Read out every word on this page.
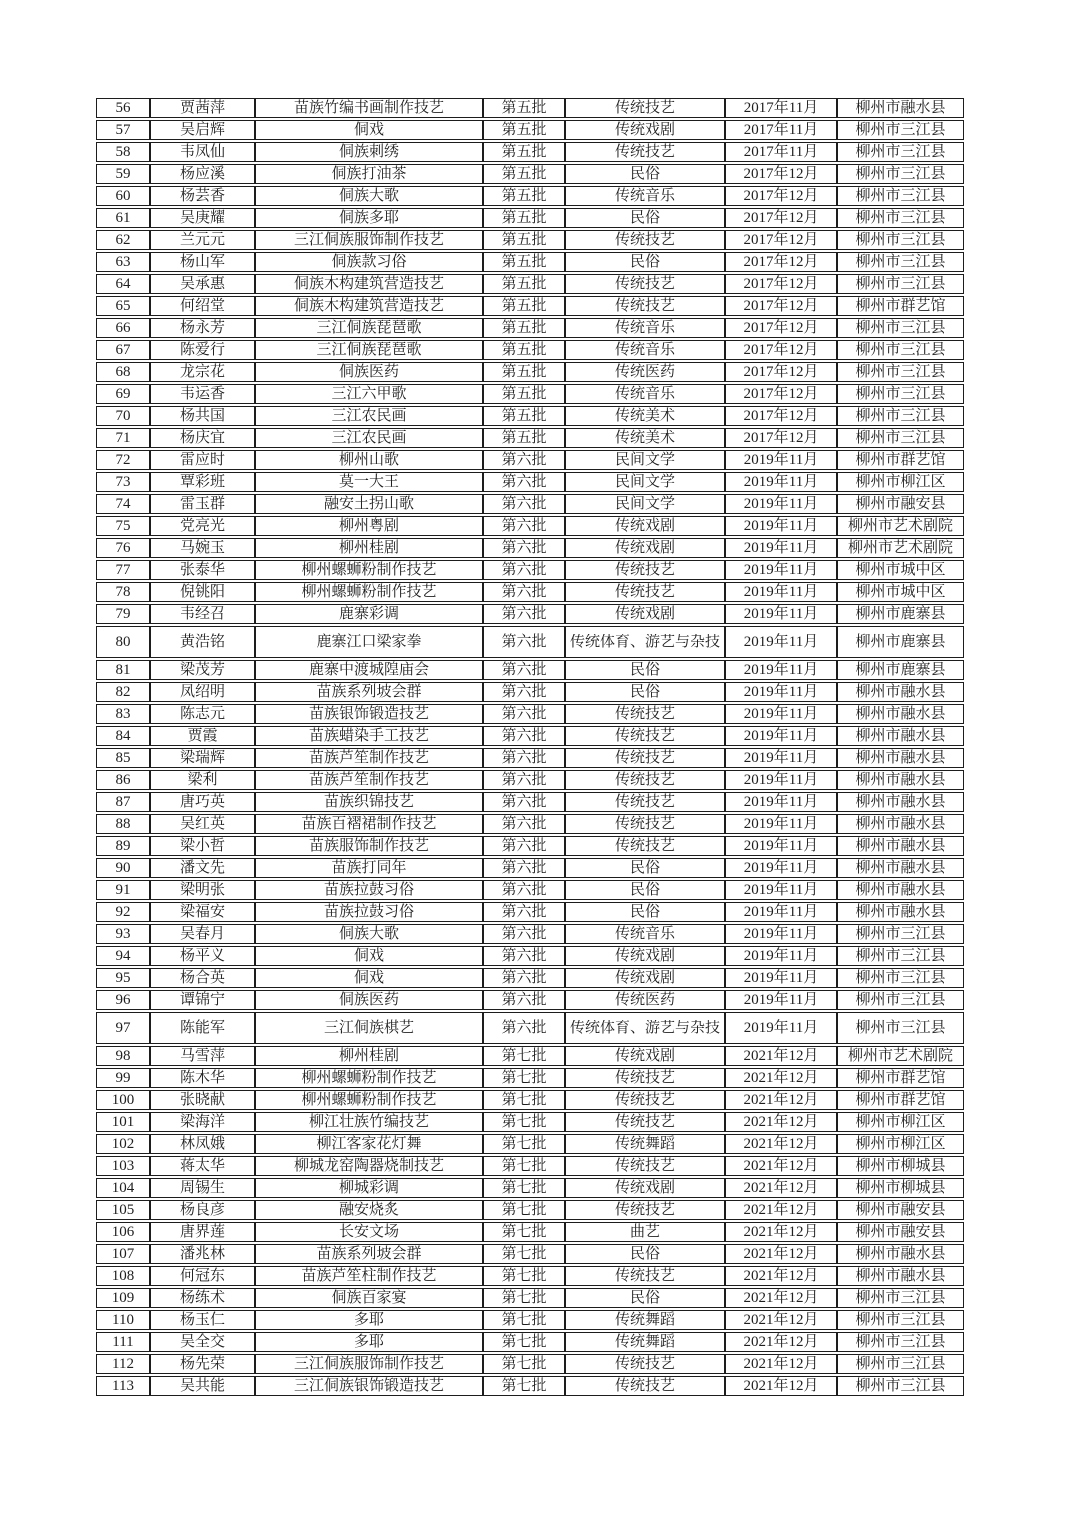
56	贾茜萍	苗族竹编书画制作技艺	第五批	传统技艺	2017年11月	柳州市融水县
57	吴启辉	侗戏	第五批	传统戏剧	2017年11月	柳州市三江县
58	韦凤仙	侗族刺绣	第五批	传统技艺	2017年11月	柳州市三江县
59	杨应溪	侗族打油茶	第五批	民俗	2017年12月	柳州市三江县
60	杨芸香	侗族大歌	第五批	传统音乐	2017年12月	柳州市三江县
61	吴庚耀	侗族多耶	第五批	民俗	2017年12月	柳州市三江县
62	兰元元	三江侗族服饰制作技艺	第五批	传统技艺	2017年12月	柳州市三江县
63	杨山军	侗族款习俗	第五批	民俗	2017年12月	柳州市三江县
64	吴承惠	侗族木构建筑营造技艺	第五批	传统技艺	2017年12月	柳州市三江县
65	何绍堂	侗族木构建筑营造技艺	第五批	传统技艺	2017年12月	柳州市群艺馆
66	杨永芳	三江侗族琵琶歌	第五批	传统音乐	2017年12月	柳州市三江县
67	陈爱行	三江侗族琵琶歌	第五批	传统音乐	2017年12月	柳州市三江县
68	龙宗花	侗族医药	第五批	传统医药	2017年12月	柳州市三江县
69	韦运香	三江六甲歌	第五批	传统音乐	2017年12月	柳州市三江县
70	杨共国	三江农民画	第五批	传统美术	2017年12月	柳州市三江县
71	杨庆宜	三江农民画	第五批	传统美术	2017年12月	柳州市三江县
72	雷应时	柳州山歌	第六批	民间文学	2019年11月	柳州市群艺馆
73	覃彩班	莫一大王	第六批	民间文学	2019年11月	柳州市柳江区
74	雷玉群	融安土拐山歌	第六批	民间文学	2019年11月	柳州市融安县
75	党亮光	柳州粤剧	第六批	传统戏剧	2019年11月	柳州市艺术剧院
76	马婉玉	柳州桂剧	第六批	传统戏剧	2019年11月	柳州市艺术剧院
77	张泰华	柳州螺蛳粉制作技艺	第六批	传统技艺	2019年11月	柳州市城中区
78	倪铫阳	柳州螺蛳粉制作技艺	第六批	传统技艺	2019年11月	柳州市城中区
79	韦经召	鹿寨彩调	第六批	传统戏剧	2019年11月	柳州市鹿寨县
80	黄浩铭	鹿寨江口梁家拳	第六批	传统体育、游艺与杂技	2019年11月	柳州市鹿寨县
81	梁茂芳	鹿寨中渡城隍庙会	第六批	民俗	2019年11月	柳州市鹿寨县
82	凤绍明	苗族系列坡会群	第六批	民俗	2019年11月	柳州市融水县
83	陈志元	苗族银饰锻造技艺	第六批	传统技艺	2019年11月	柳州市融水县
84	贾霞	苗族蜡染手工技艺	第六批	传统技艺	2019年11月	柳州市融水县
85	梁瑞辉	苗族芦笙制作技艺	第六批	传统技艺	2019年11月	柳州市融水县
86	梁利	苗族芦笙制作技艺	第六批	传统技艺	2019年11月	柳州市融水县
87	唐巧英	苗族织锦技艺	第六批	传统技艺	2019年11月	柳州市融水县
88	吴红英	苗族百褶裙制作技艺	第六批	传统技艺	2019年11月	柳州市融水县
89	梁小哲	苗族服饰制作技艺	第六批	传统技艺	2019年11月	柳州市融水县
90	潘文先	苗族打同年	第六批	民俗	2019年11月	柳州市融水县
91	梁明张	苗族拉鼓习俗	第六批	民俗	2019年11月	柳州市融水县
92	梁福安	苗族拉鼓习俗	第六批	民俗	2019年11月	柳州市融水县
93	吴春月	侗族大歌	第六批	传统音乐	2019年11月	柳州市三江县
94	杨平义	侗戏	第六批	传统戏剧	2019年11月	柳州市三江县
95	杨合英	侗戏	第六批	传统戏剧	2019年11月	柳州市三江县
96	谭锦宁	侗族医药	第六批	传统医药	2019年11月	柳州市三江县
97	陈能军	三江侗族棋艺	第六批	传统体育、游艺与杂技	2019年11月	柳州市三江县
98	马雪萍	柳州桂剧	第七批	传统戏剧	2021年12月	柳州市艺术剧院
99	陈木华	柳州螺蛳粉制作技艺	第七批	传统技艺	2021年12月	柳州市群艺馆
100	张晓献	柳州螺蛳粉制作技艺	第七批	传统技艺	2021年12月	柳州市群艺馆
101	梁海洋	柳江壮族竹编技艺	第七批	传统技艺	2021年12月	柳州市柳江区
102	林凤娥	柳江客家花灯舞	第七批	传统舞蹈	2021年12月	柳州市柳江区
103	蒋太华	柳城龙窑陶器烧制技艺	第七批	传统技艺	2021年12月	柳州市柳城县
104	周锡生	柳城彩调	第七批	传统戏剧	2021年12月	柳州市柳城县
105	杨良彦	融安烧炙	第七批	传统技艺	2021年12月	柳州市融安县
106	唐界莲	长安文场	第七批	曲艺	2021年12月	柳州市融安县
107	潘兆林	苗族系列坡会群	第七批	民俗	2021年12月	柳州市融水县
108	何冠东	苗族芦笙柱制作技艺	第七批	传统技艺	2021年12月	柳州市融水县
109	杨练术	侗族百家宴	第七批	民俗	2021年12月	柳州市三江县
110	杨玉仁	多耶	第七批	传统舞蹈	2021年12月	柳州市三江县
111	吴全交	多耶	第七批	传统舞蹈	2021年12月	柳州市三江县
112	杨先荣	三江侗族服饰制作技艺	第七批	传统技艺	2021年12月	柳州市三江县
113	吴共能	三江侗族银饰锻造技艺	第七批	传统技艺	2021年12月	柳州市三江县
